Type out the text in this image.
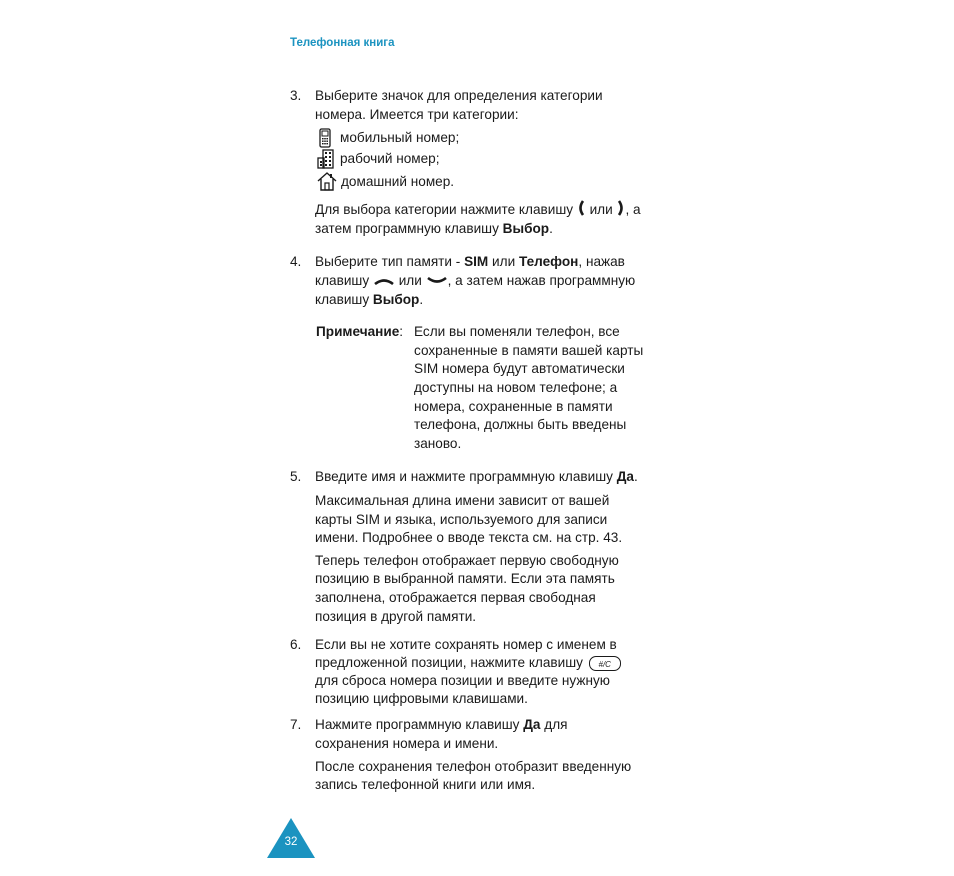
Телефонная книга
3.	Выберите значок для определения категории
номера. Имеется три категории:
мобильный номер;
рабочий номер;
домашний номер.
Для выбора категории нажмите клавишу или , а
затем программную клавишу Выбор.
4.	Выберите тип памяти - SIM или Телефон, нажав
клавишу или , а затем нажав программную
клавишу Выбор.
Примечание: Если вы поменяли телефон, все
сохраненные в памяти вашей карты
SIM номера будут автоматически
доступны на новом телефоне; а
номера, сохраненные в памяти
телефона, должны быть введены
заново.
5.	Введите имя и нажмите программную клавишу Да.
Максимальная длина имени зависит от вашей
карты SIM и языка, используемого для записи
имени. Подробнее о вводе текста см. на стр. 43.
Теперь телефон отображает первую свободную
позицию в выбранной памяти. Если эта память
заполнена, отображается первая свободная
позиция в другой памяти.
6.	Если вы не хотите сохранять номер с именем в
предложенной позиции, нажмите клавишу #/C
для сброса номера позиции и введите нужную
позицию цифровыми клавишами.
7.	Нажмите программную клавишу Да для
сохранения номера и имени.
После сохранения телефон отобразит введенную
запись телефонной книги или имя.
32
